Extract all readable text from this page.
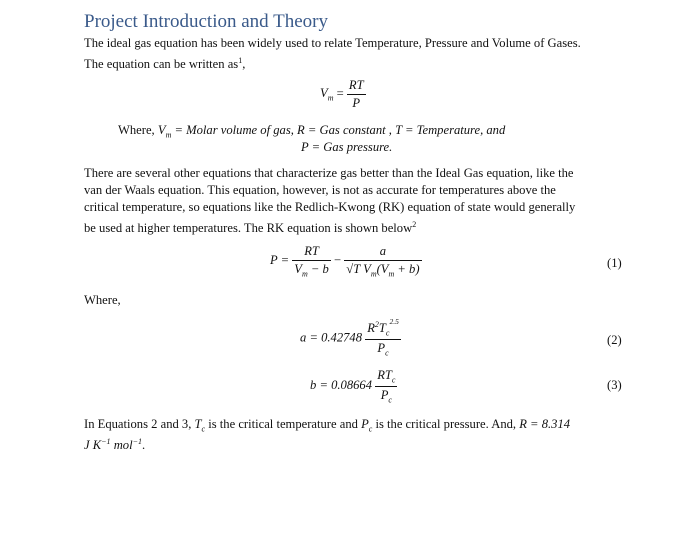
Project Introduction and Theory
The ideal gas equation has been widely used to relate Temperature, Pressure and Volume of Gases.
The equation can be written $as^1$,
$V_m = \frac{RT}{P}$
Where, $V_m$ = Molar volume of gas, R = Gas constant , T = Temperature, and
P = Gas pressure.
There are several other equations that characterize gas better than the Ideal Gas equation, like the
van der Waals equation. This equation, however, is not as accurate for temperatures above the
critical temperature, so equations like the Redlich-Kwong (RK) equation of state would generally
be used at higher temperatures. The RK equation is shown below$^2$
$P = \frac{RT}{V_m - b} - \frac{a}{√T V_m(V_m + b)}$	(1)
Where,
$a = 0.42748 \frac{R^2T_c^{2.5}}{P_c}$	(2)
$b = 0.08664 \frac{RT_c}{P_c}$	(3)
In Equations 2 and 3, $T_c$ is the critical temperature and $P_c$ is the critical pressure. And, R = 8.314
J $K^{-1}$ mol$^{-1}$.
